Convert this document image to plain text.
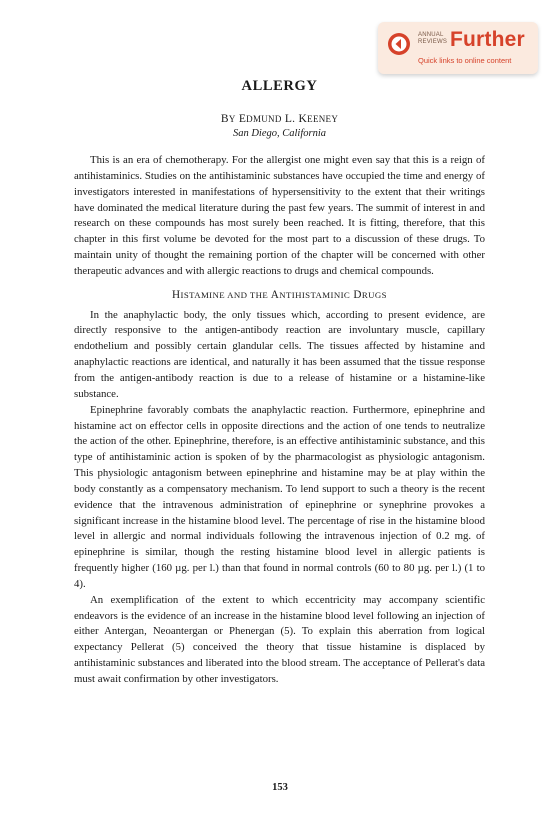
ANNUAL
REVIEWS Further
Quick links to online content
ALLERGY
BY EDMUND L. KEENEY
San Diego, California

This is an era of chemotherapy. For the allergist one might even say that this is a reign of antihistaminics. Studies on the antihistaminic substances have occupied the time and energy of investigators interested in manifestations of hypersensitivity to the extent that their writings have dominated the medical literature during the past few years. The summit of interest in and research on these compounds has most surely been reached. It is fitting, therefore, that this chapter in this first volume be devoted for the most part to a discussion of these drugs. To maintain unity of thought the remaining portion of the chapter will be concerned with other therapeutic advances and with allergic reactions to drugs and chemical compounds.

HISTAMINE AND THE ANTIHISTAMINIC DRUGS

In the anaphylactic body, the only tissues which, according to present evidence, are directly responsive to the antigen-antibody reaction are involuntary muscle, capillary endothelium and possibly certain glandular cells. The tissues affected by histamine and anaphylactic reactions are identical, and naturally it has been assumed that the tissue response from the antigen-antibody reaction is due to a release of histamine or a histamine-like substance.

Epinephrine favorably combats the anaphylactic reaction. Furthermore, epinephrine and histamine act on effector cells in opposite directions and the action of one tends to neutralize the action of the other. Epinephrine, therefore, is an effective antihistaminic substance, and this type of antihistaminic action is spoken of by the pharmacologist as physiologic antagonism. This physiologic antagonism between epinephrine and histamine may be at play within the body constantly as a compensatory mechanism. To lend support to such a theory is the recent evidence that the intravenous administration of epinephrine or synephrine provokes a significant increase in the histamine blood level. The percentage of rise in the histamine blood level in allergic and normal individuals following the intravenous injection of 0.2 mg. of epinephrine is similar, though the resting histamine blood level in allergic patients is frequently higher (160 µg. per l.) than that found in normal controls (60 to 80 µg. per l.) (1 to 4).

An exemplification of the extent to which eccentricity may accompany scientific endeavors is the evidence of an increase in the histamine blood level following an injection of either Antergan, Neoantergan or Phenergan (5). To explain this aberration from logical expectancy Pellerat (5) conceived the theory that tissue histamine is displaced by antihistaminic substances and liberated into the blood stream. The acceptance of Pellerat's data must await confirmation by other investigators.

153
